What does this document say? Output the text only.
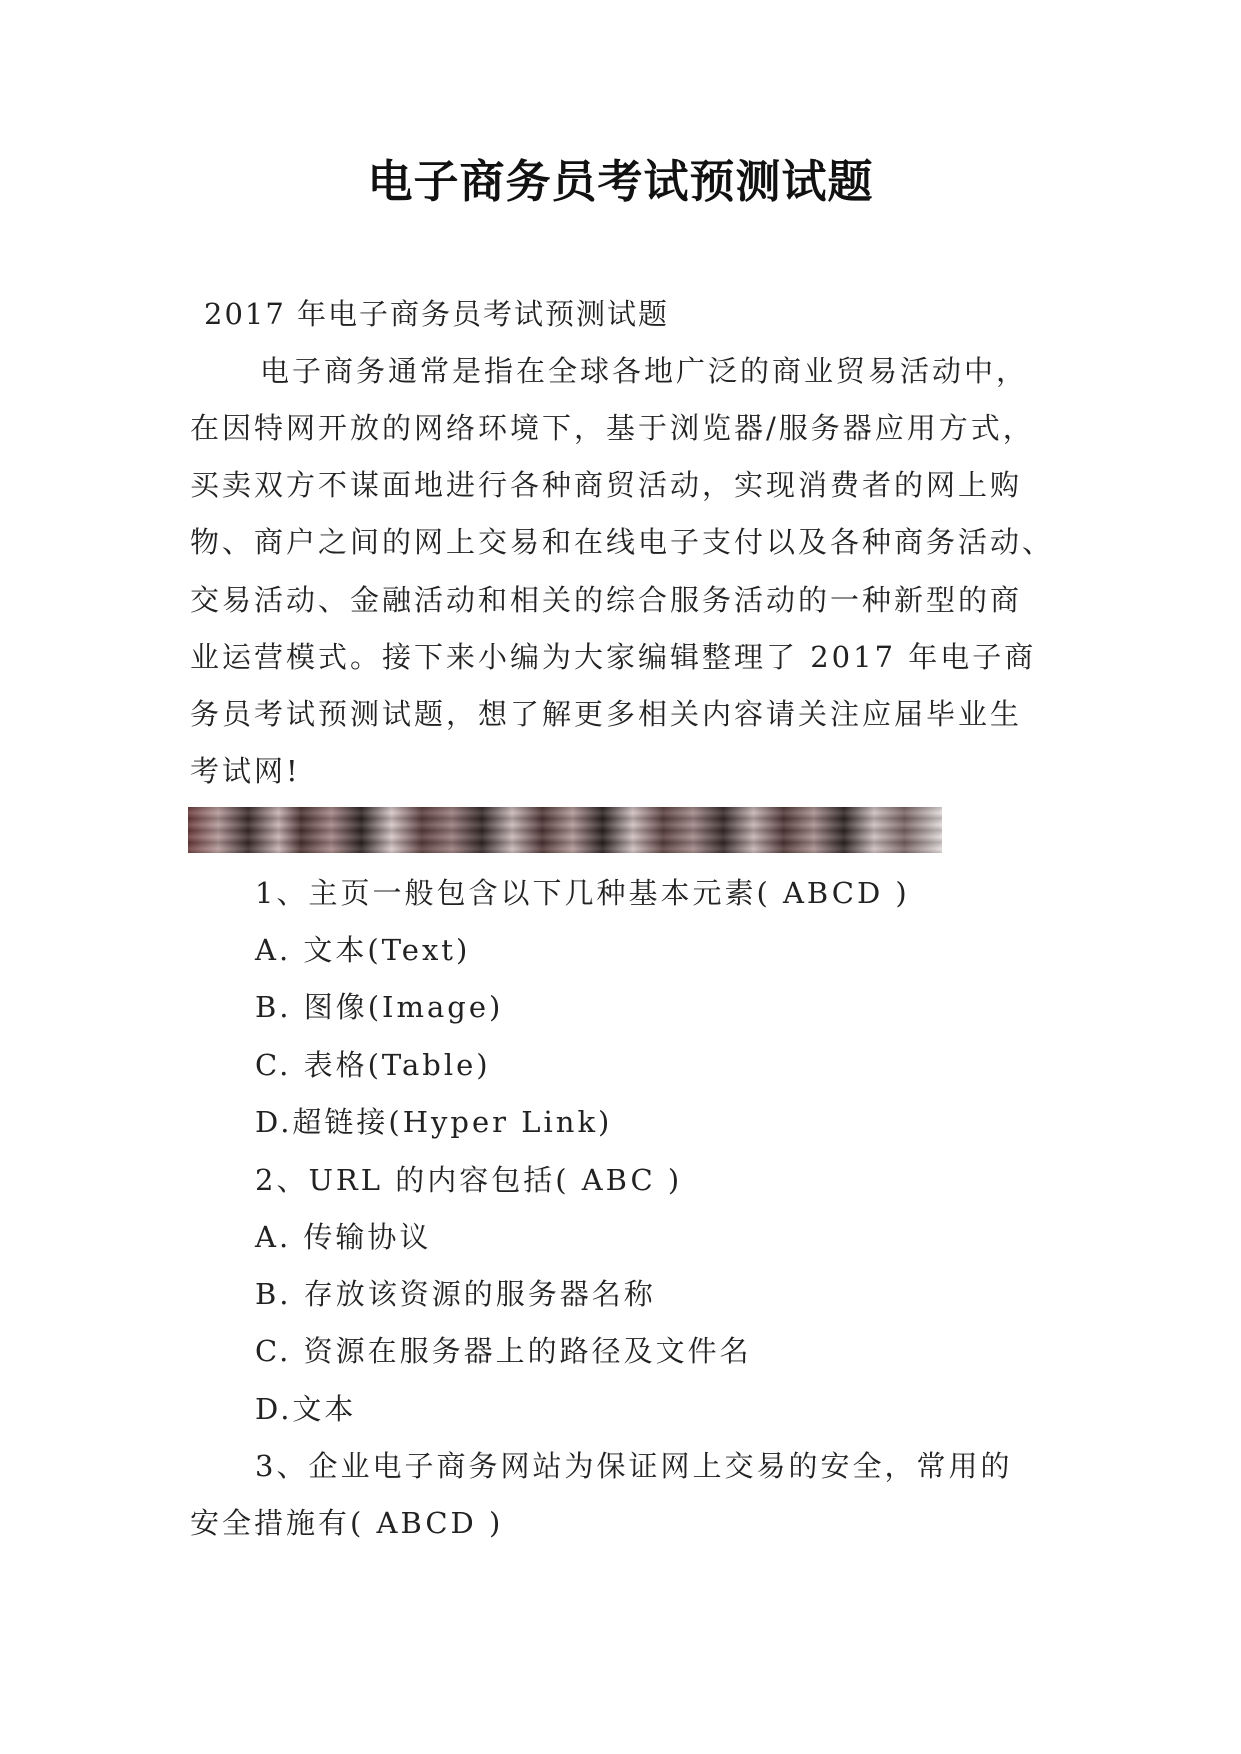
电子商务员考试预测试题
2017 年电子商务员考试预测试题
电子商务通常是指在全球各地广泛的商业贸易活动中，
在因特网开放的网络环境下，基于浏览器/服务器应用方式，
买卖双方不谋面地进行各种商贸活动，实现消费者的网上购
物、商户之间的网上交易和在线电子支付以及各种商务活动、
交易活动、金融活动和相关的综合服务活动的一种新型的商
业运营模式。接下来小编为大家编辑整理了 2017 年电子商
务员考试预测试题，想了解更多相关内容请关注应届毕业生
考试网!
1、主页一般包含以下几种基本元素( ABCD )
A. 文本(Text)
B. 图像(Image)
C. 表格(Table)
D.超链接(Hyper Link)
2、URL 的内容包括( ABC )
A. 传输协议
B. 存放该资源的服务器名称
C. 资源在服务器上的路径及文件名
D.文本
3、企业电子商务网站为保证网上交易的安全，常用的
安全措施有( ABCD )
